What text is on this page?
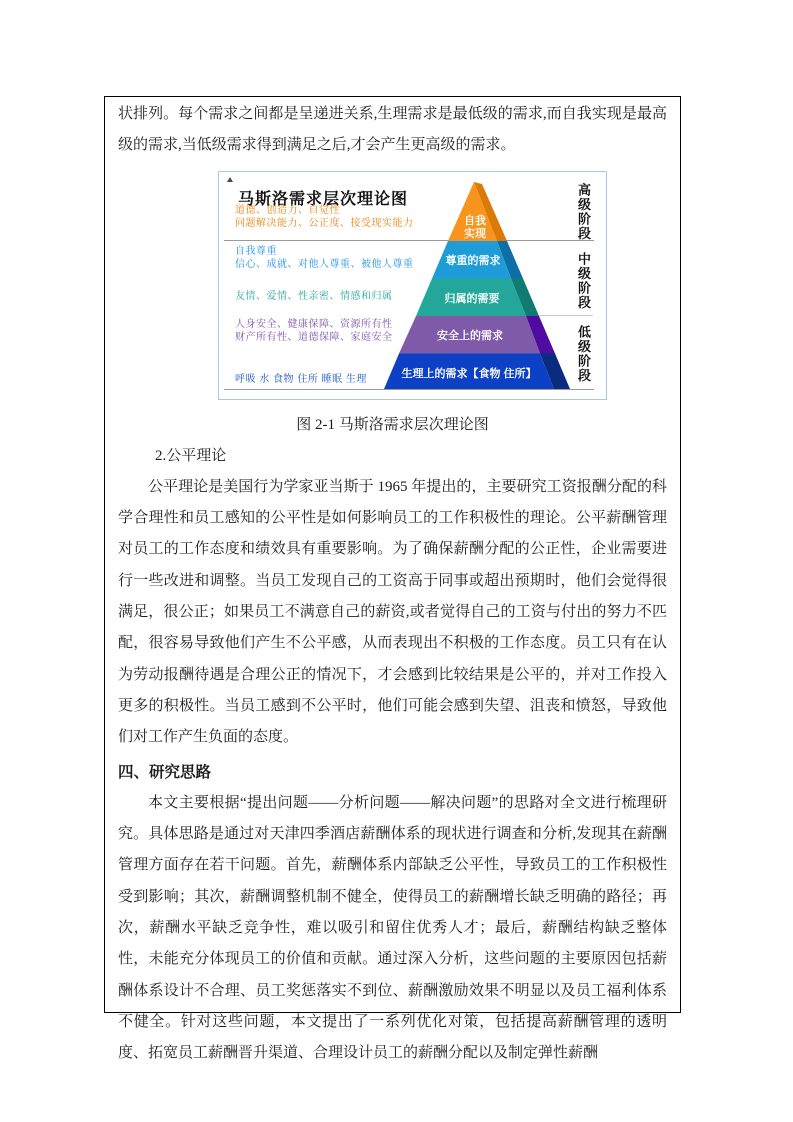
状排列。每个需求之间都是呈递进关系,生理需求是最低级的需求,而自我实现是最高级的需求,当低级需求得到满足之后,才会产生更高级的需求。

马斯洛需求层次理论图
自我
实现
尊重的需求
归属的需要
安全上的需求
生理上的需求【食物 住所】
道德、创造力、自觉性
问题解决能力、公正度、接受现实能力
自我尊重
信心、成就、对他人尊重、被他人尊重
友情、爱情、性亲密、情感和归属
人身安全、健康保障、资源所有性
财产所有性、道德保障、家庭安全
呼吸 水 食物 住所 睡眠 生理
高级阶段
中级阶段
低级阶段
图 2-1 马斯洛需求层次理论图

2.公平理论

公平理论是美国行为学家亚当斯于 1965 年提出的，主要研究工资报酬分配的科学合理性和员工感知的公平性是如何影响员工的工作积极性的理论。公平薪酬管理对员工的工作态度和绩效具有重要影响。为了确保薪酬分配的公正性，企业需要进行一些改进和调整。当员工发现自己的工资高于同事或超出预期时，他们会觉得很满足，很公正；如果员工不满意自己的薪资,或者觉得自己的工资与付出的努力不匹配，很容易导致他们产生不公平感，从而表现出不积极的工作态度。员工只有在认为劳动报酬待遇是合理公正的情况下，才会感到比较结果是公平的，并对工作投入更多的积极性。当员工感到不公平时，他们可能会感到失望、沮丧和愤怒，导致他们对工作产生负面的态度。

四、研究思路

本文主要根据“提出问题——分析问题——解决问题”的思路对全文进行梳理研究。具体思路是通过对天津四季酒店薪酬体系的现状进行调查和分析,发现其在薪酬管理方面存在若干问题。首先，薪酬体系内部缺乏公平性，导致员工的工作积极性受到影响；其次，薪酬调整机制不健全，使得员工的薪酬增长缺乏明确的路径；再次，薪酬水平缺乏竞争性，难以吸引和留住优秀人才；最后，薪酬结构缺乏整体性，未能充分体现员工的价值和贡献。通过深入分析，这些问题的主要原因包括薪酬体系设计不合理、员工奖惩落实不到位、薪酬激励效果不明显以及员工福利体系不健全。针对这些问题，本文提出了一系列优化对策，包括提高薪酬管理的透明度、拓宽员工薪酬晋升渠道、合理设计员工的薪酬分配以及制定弹性薪酬
